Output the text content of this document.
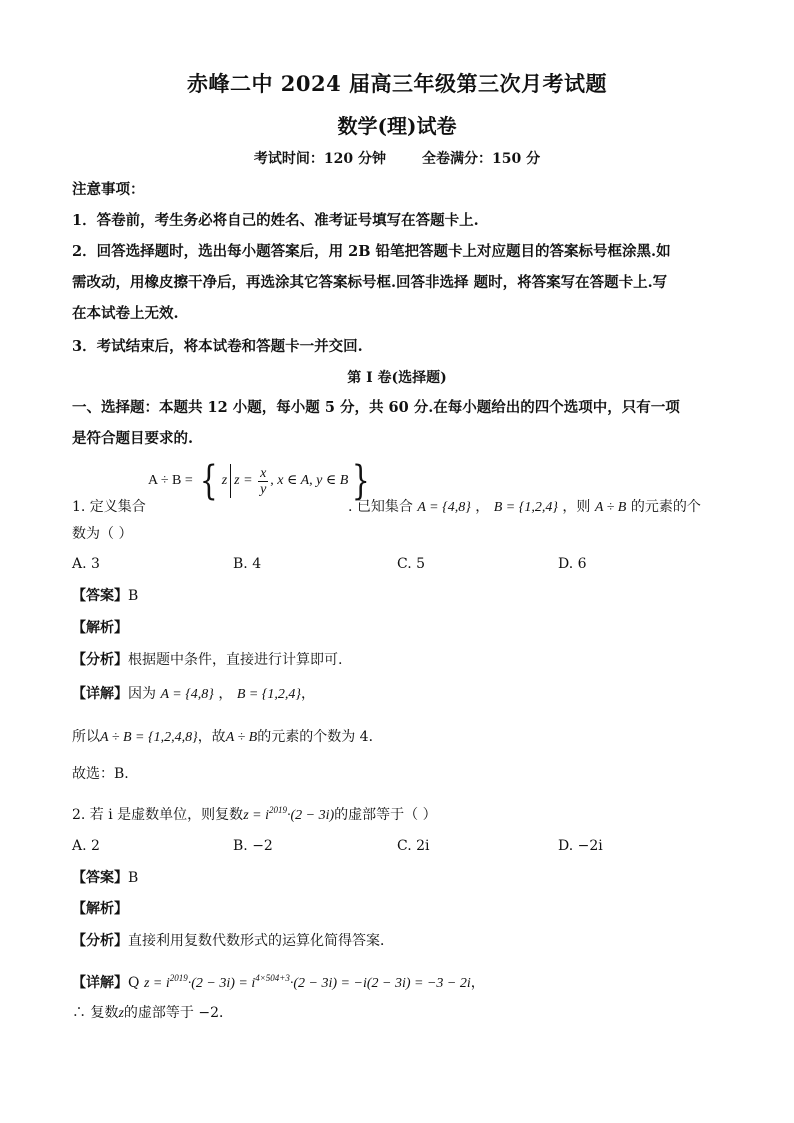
赤峰二中 2024 届高三年级第三次月考试题
数学(理)试卷
考试时间：120 分钟	全卷满分：150 分
注意事项：
1．答卷前，考生务必将自己的姓名、准考证号填写在答题卡上.
2．回答选择题时，选出每小题答案后，用 2B 铅笔把答题卡上对应题目的答案标号框涂黑.如
需改动，用橡皮擦干净后，再选涂其它答案标号框.回答非选择 题时，将答案写在答题卡上.写
在本试卷上无效.
3．考试结束后，将本试卷和答题卡一并交回.
第 I 卷(选择题)
一、选择题：本题共 12 小题，每小题 5 分，共 60 分.在每小题给出的四个选项中，只有一项
是符合题目要求的.
A ÷ B = { z $z = \frac{x}{y}$ , x ∈ A, y ∈ B}
1. 定义集合	. 已知集合 A = {4,8} ， B = {1,2,4} ，则 A ÷ B 的元素的个
数为（ ）
A. 3	B. 4	C. 5	D. 6
【答案】B
【解析】
【分析】根据题中条件，直接进行计算即可.
【详解】因为 A = {4,8} ， B = {1,2,4}，
所以A ÷ B = {1,2,4,8}，故A ÷ B的元素的个数为 4．
故选：B.
2. 若 i 是虚数单位，则复数$z = i^{2019}\cdot(2 - 3i)$的虚部等于（ ）
A. 2	B. −2	C. 2i	D. −2i
【答案】B
【解析】
【分析】直接利用复数代数形式的运算化简得答案．
【详解】Q $z = i^{2019}\cdot(2 - 3i) = i^{4\times 504+3}\cdot(2 - 3i) = -i(2 - 3i) = -3 - 2i$，
∴ 复数z的虚部等于 −2．
